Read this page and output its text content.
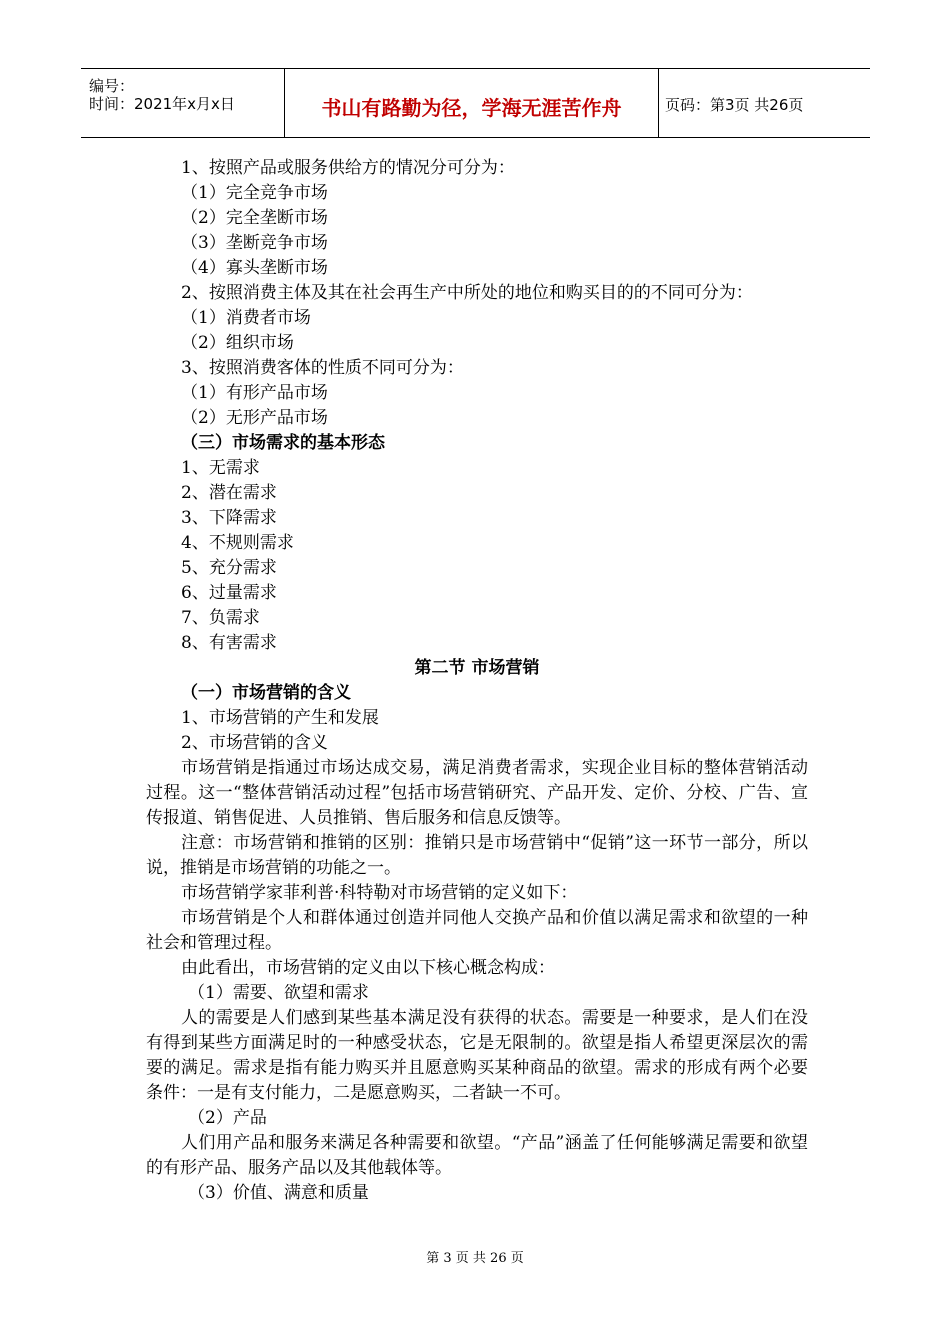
编号：
时间：2021年x月x日	书山有路勤为径，学海无涯苦作舟	页码：第3页 共26页
1、按照产品或服务供给方的情况分可分为：
（1）完全竞争市场
（2）完全垄断市场
（3）垄断竞争市场
（4）寡头垄断市场
2、按照消费主体及其在社会再生产中所处的地位和购买目的的不同可分为：
（1）消费者市场
（2）组织市场
3、按照消费客体的性质不同可分为：
（1）有形产品市场
（2）无形产品市场
（三）市场需求的基本形态
1、无需求
2、潜在需求
3、下降需求
4、不规则需求
5、充分需求
6、过量需求
7、负需求
8、有害需求
第二节 市场营销
（一）市场营销的含义
1、市场营销的产生和发展
2、市场营销的含义
市场营销是指通过市场达成交易，满足消费者需求，实现企业目标的整体营销活动过程。这一“整体营销活动过程”包括市场营销研究、产品开发、定价、分校、广告、宣传报道、销售促进、人员推销、售后服务和信息反馈等。
注意：市场营销和推销的区别：推销只是市场营销中“促销”这一环节一部分，所以说，推销是市场营销的功能之一。
市场营销学家菲利普·科特勒对市场营销的定义如下：
市场营销是个人和群体通过创造并同他人交换产品和价值以满足需求和欲望的一种社会和管理过程。
由此看出，市场营销的定义由以下核心概念构成：
（1）需要、欲望和需求
人的需要是人们感到某些基本满足没有获得的状态。需要是一种要求，是人们在没有得到某些方面满足时的一种感受状态，它是无限制的。欲望是指人希望更深层次的需要的满足。需求是指有能力购买并且愿意购买某种商品的欲望。需求的形成有两个必要条件：一是有支付能力，二是愿意购买，二者缺一不可。
（2）产品
人们用产品和服务来满足各种需要和欲望。“产品”涵盖了任何能够满足需要和欲望的有形产品、服务产品以及其他载体等。
（3）价值、满意和质量
第 3 页 共 26 页
